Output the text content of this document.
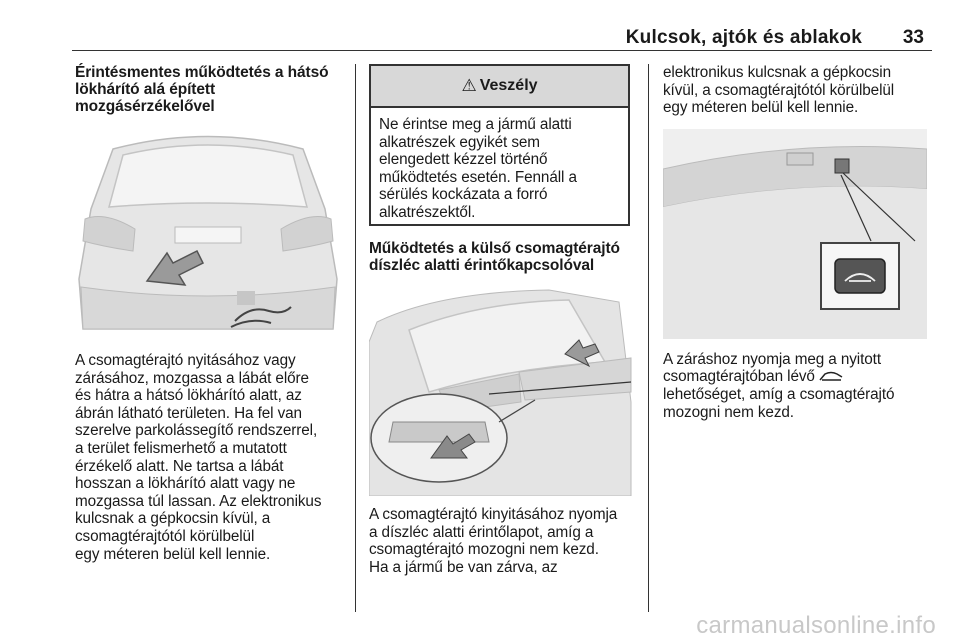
Kulcsok, ajtók és ablakok 33
Érintésmentes működtetés a hátsó
lökhárító alá épített
mozgásérzékelővel

A csomagtérajtó nyitásához vagy
zárásához, mozgassa a lábát előre
és hátra a hátsó lökhárító alatt, az
ábrán látható területen. Ha fel van
szerelve parkolássegítő rendszerrel,
a terület felismerhető a mutatott
érzékelő alatt. Ne tartsa a lábát
hosszan a lökhárító alatt vagy ne
mozgassa túl lassan. Az elektronikus
kulcsnak a gépkocsin kívül, a
csomagtérajtótól körülbelül
egy méteren belül kell lennie.

⚠ Veszély

Ne érintse meg a jármű alatti
alkatrészek egyikét sem
elengedett kézzel történő
működtetés esetén. Fennáll a
sérülés kockázata a forró
alkatrészektől.

Működtetés a külső csomagtérajtó
díszléc alatti érintőkapcsolóval

A csomagtérajtó kinyitásához nyomja
a díszléc alatti érintőlapot, amíg a
csomagtérajtó mozogni nem kezd.
Ha a jármű be van zárva, az

elektronikus kulcsnak a gépkocsin
kívül, a csomagtérajtótól körülbelül
egy méteren belül kell lennie.

A záráshoz nyomja meg a nyitott
csomagtérajtóban lévő
lehetőséget, amíg a csomagtérajtó
mozogni nem kezd.

carmanualsonline.info
